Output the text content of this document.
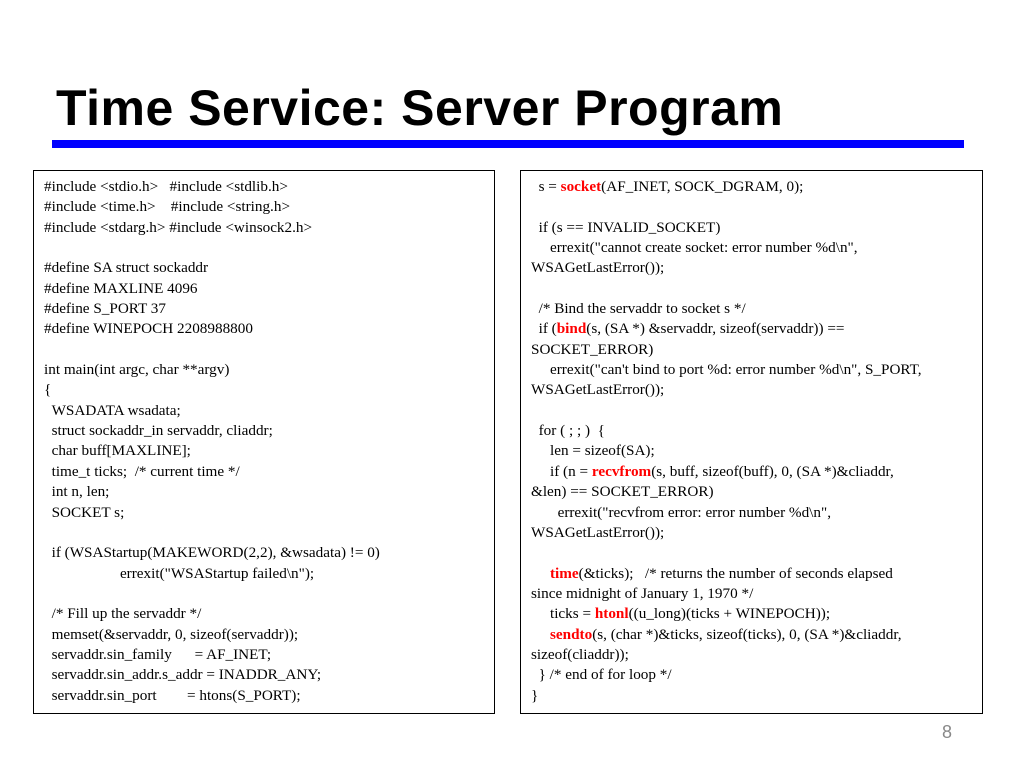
Time Service: Server Program
#include <stdio.h>   #include <stdlib.h>
#include <time.h>    #include <string.h>
#include <stdarg.h> #include <winsock2.h>
#define SA struct sockaddr
#define MAXLINE 4096
#define S_PORT 37
#define WINEPOCH 2208988800
int main(int argc, char **argv)
{
WSADATA wsadata;
struct sockaddr_in servaddr, cliaddr;
char buff[MAXLINE];
time_t ticks;  /* current time */
int n, len;
SOCKET s;
if (WSAStartup(MAKEWORD(2,2), &wsadata) != 0)
errexit("WSAStartup failed\n");
/* Fill up the servaddr */
memset(&servaddr, 0, sizeof(servaddr));
servaddr.sin_family      = AF_INET;
servaddr.sin_addr.s_addr = INADDR_ANY;
servaddr.sin_port        = htons(S_PORT);
s = socket(AF_INET, SOCK_DGRAM, 0);
if (s == INVALID_SOCKET)
errexit("cannot create socket: error number %d\n",
WSAGetLastError());
/* Bind the servaddr to socket s */
if (bind(s, (SA *) &servaddr, sizeof(servaddr)) ==
SOCKET_ERROR)
errexit("can't bind to port %d: error number %d\n", S_PORT,
WSAGetLastError());
for ( ; ; )  {
len = sizeof(SA);
if (n = recvfrom(s, buff, sizeof(buff), 0, (SA *)&cliaddr,
&len) == SOCKET_ERROR)
errexit("recvfrom error: error number %d\n",
WSAGetLastError());
time(&ticks);   /* returns the number of seconds elapsed
since midnight of January 1, 1970 */
ticks = htonl((u_long)(ticks + WINEPOCH));
sendto(s, (char *)&ticks, sizeof(ticks), 0, (SA *)&cliaddr,
sizeof(cliaddr));
} /* end of for loop */
}
8
